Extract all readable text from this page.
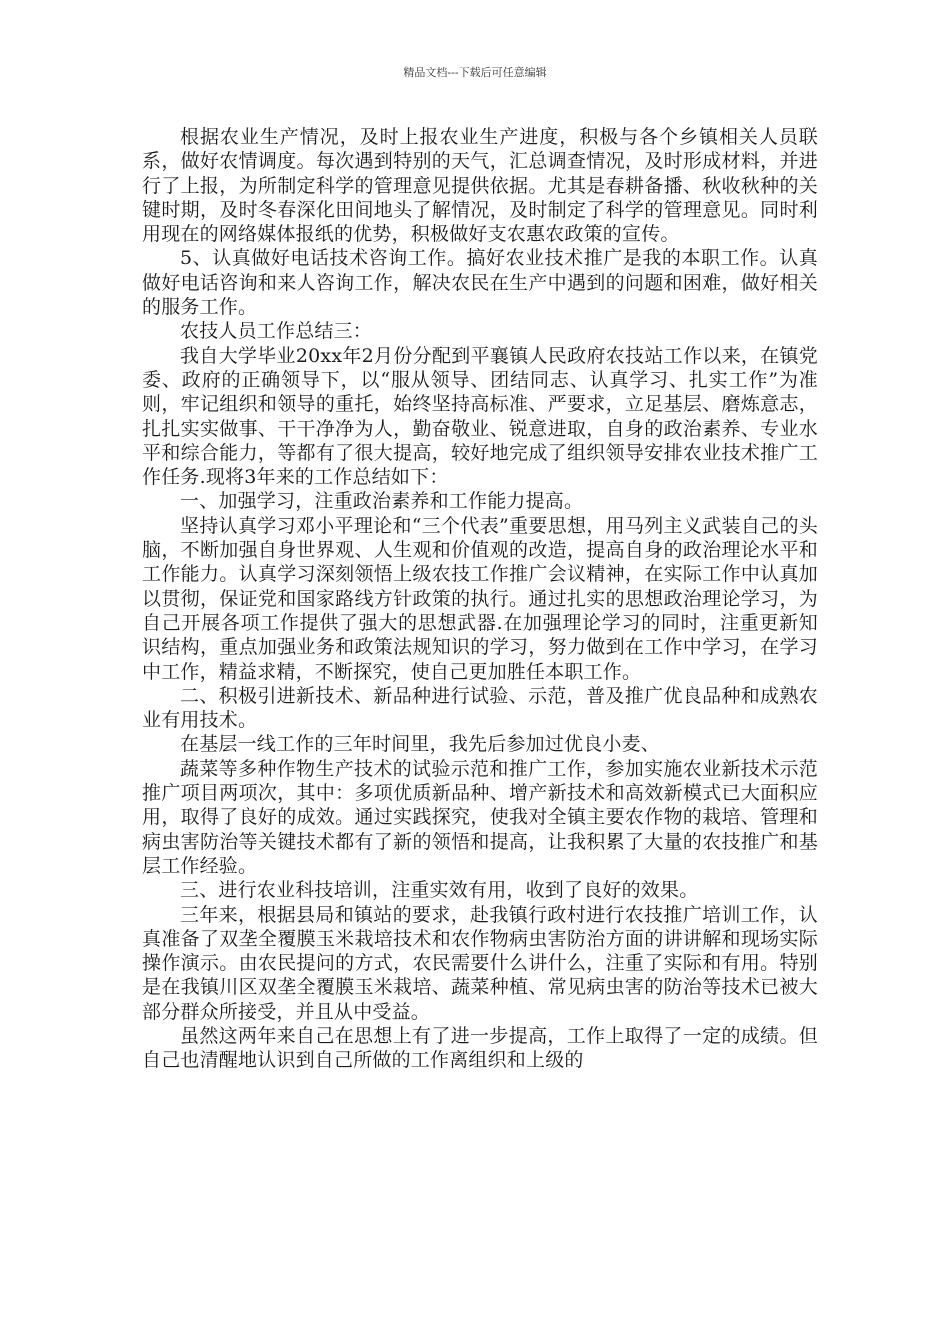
精品文档---下载后可任意编辑

根据农业生产情况，及时上报农业生产进度，积极与各个乡镇相关人员联系，做好农情调度。每次遇到特别的天气，汇总调查情况，及时形成材料，并进行了上报，为所制定科学的管理意见提供依据。尤其是春耕备播、秋收秋种的关键时期，及时冬春深化田间地头了解情况，及时制定了科学的管理意见。同时利用现在的网络媒体报纸的优势，积极做好支农惠农政策的宣传。

5、认真做好电话技术咨询工作。搞好农业技术推广是我的本职工作。认真做好电话咨询和来人咨询工作，解决农民在生产中遇到的问题和困难，做好相关的服务工作。

农技人员工作总结三：

我自大学毕业20xx年2月份分配到平襄镇人民政府农技站工作以来，在镇党委、政府的正确领导下，以“服从领导、团结同志、认真学习、扎实工作”为准则，牢记组织和领导的重托，始终坚持高标准、严要求，立足基层、磨炼意志，扎扎实实做事、干干净净为人，勤奋敬业、锐意进取，自身的政治素养、专业水平和综合能力，等都有了很大提高，较好地完成了组织领导安排农业技术推广工作任务.现将3年来的工作总结如下：

一、加强学习，注重政治素养和工作能力提高。

坚持认真学习邓小平理论和“三个代表”重要思想，用马列主义武装自己的头脑，不断加强自身世界观、人生观和价值观的改造，提高自身的政治理论水平和工作能力。认真学习深刻领悟上级农技工作推广会议精神，在实际工作中认真加以贯彻，保证党和国家路线方针政策的执行。通过扎实的思想政治理论学习，为自己开展各项工作提供了强大的思想武器.在加强理论学习的同时，注重更新知识结构，重点加强业务和政策法规知识的学习，努力做到在工作中学习，在学习中工作，精益求精，不断探究，使自己更加胜任本职工作。

二、积极引进新技术、新品种进行试验、示范，普及推广优良品种和成熟农业有用技术。

在基层一线工作的三年时间里，我先后参加过优良小麦、

蔬菜等多种作物生产技术的试验示范和推广工作，参加实施农业新技术示范推广项目两项次，其中：多项优质新品种、增产新技术和高效新模式已大面积应用，取得了良好的成效。通过实践探究，使我对全镇主要农作物的栽培、管理和病虫害防治等关键技术都有了新的领悟和提高，让我积累了大量的农技推广和基层工作经验。

三、进行农业科技培训，注重实效有用，收到了良好的效果。

三年来，根据县局和镇站的要求，赴我镇行政村进行农技推广培训工作，认真准备了双垄全覆膜玉米栽培技术和农作物病虫害防治方面的讲讲解和现场实际操作演示。由农民提问的方式，农民需要什么讲什么，注重了实际和有用。特别是在我镇川区双垄全覆膜玉米栽培、蔬菜种植、常见病虫害的防治等技术已被大部分群众所接受，并且从中受益。

虽然这两年来自己在思想上有了进一步提高，工作上取得了一定的成绩。但自己也清醒地认识到自己所做的工作离组织和上级的
